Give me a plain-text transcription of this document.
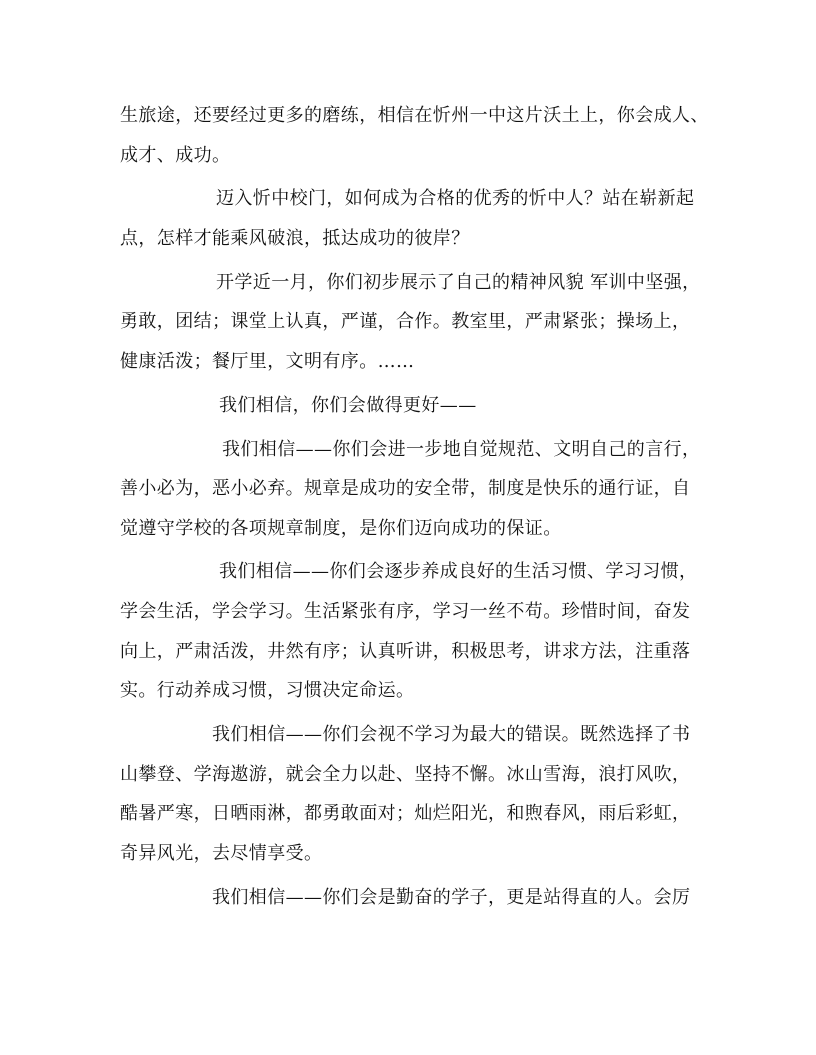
生旅途，还要经过更多的磨练，相信在忻州一中这片沃土上，你会成人、
成才、成功。
迈入忻中校门，如何成为合格的优秀的忻中人？站在崭新起
点，怎样才能乘风破浪，抵达成功的彼岸？
开学近一月，你们初步展示了自己的精神风貌 军训中坚强，
勇敢，团结；课堂上认真，严谨，合作。教室里，严肃紧张；操场上，
健康活泼；餐厅里，文明有序。……
我们相信，你们会做得更好——
我们相信——你们会进一步地自觉规范、文明自己的言行，
善小必为，恶小必弃。规章是成功的安全带，制度是快乐的通行证，自
觉遵守学校的各项规章制度，是你们迈向成功的保证。
我们相信——你们会逐步养成良好的生活习惯、学习习惯，
学会生活，学会学习。生活紧张有序，学习一丝不苟。珍惜时间，奋发
向上，严肃活泼，井然有序；认真听讲，积极思考，讲求方法，注重落
实。行动养成习惯，习惯决定命运。
我们相信——你们会视不学习为最大的错误。既然选择了书
山攀登、学海遨游，就会全力以赴、坚持不懈。冰山雪海，浪打风吹，
酷暑严寒，日晒雨淋，都勇敢面对；灿烂阳光，和煦春风，雨后彩虹，
奇异风光，去尽情享受。
我们相信——你们会是勤奋的学子，更是站得直的人。会厉
